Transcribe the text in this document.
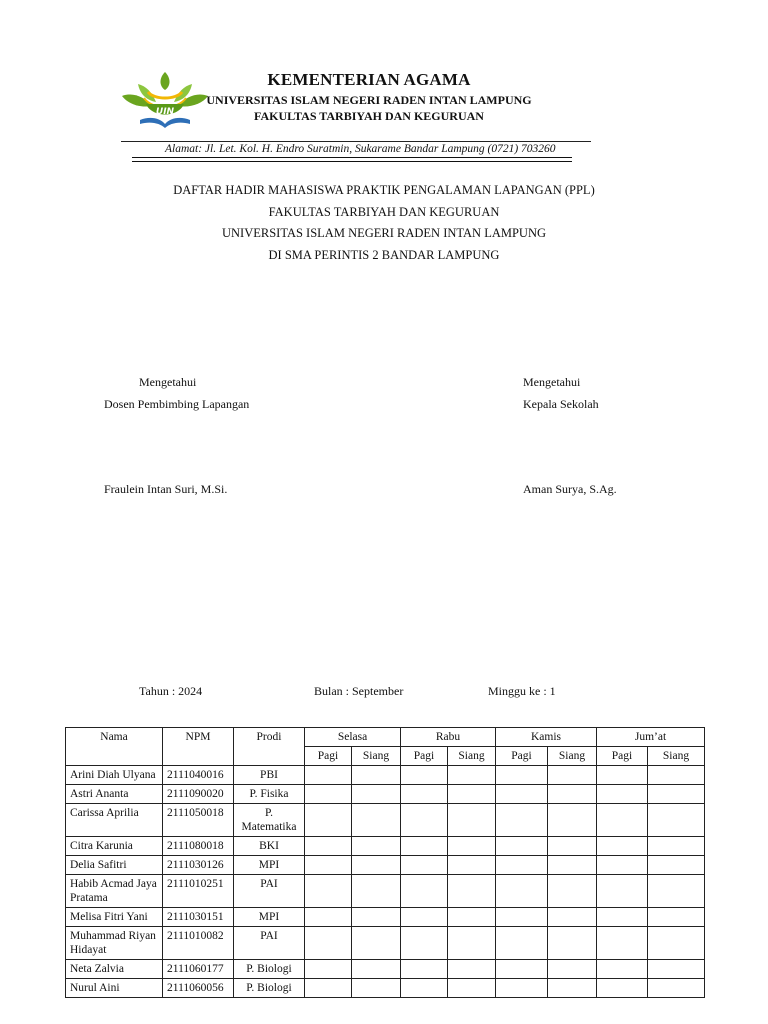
UIN
KEMENTERIAN AGAMA
UNIVERSITAS ISLAM NEGERI RADEN INTAN LAMPUNG
FAKULTAS TARBIYAH DAN KEGURUAN
Alamat: Jl. Let. Kol. H. Endro Suratmin, Sukarame Bandar Lampung (0721) 703260
DAFTAR HADIR MAHASISWA PRAKTIK PENGALAMAN LAPANGAN (PPL)
FAKULTAS TARBIYAH DAN KEGURUAN
UNIVERSITAS ISLAM NEGERI RADEN INTAN LAMPUNG
DI SMA PERINTIS 2 BANDAR LAMPUNG
Mengetahui
Dosen Pembimbing Lapangan
Fraulein Intan Suri, M.Si.
Mengetahui
Kepala Sekolah
Aman Surya, S.Ag.
Tahun : 2024	Bulan : September	Minggu ke : 1
Nama	NPM	Prodi	Selasa		Rabu		Kamis		Jum’at	
			Pagi	Siang	Pagi	Siang	Pagi	Siang	Pagi	Siang
Arini Diah Ulyana	2111040016	PBI								
Astri Ananta	2111090020	P. Fisika								
Carissa Aprilia	2111050018	P. Matematika								
Citra Karunia	2111080018	BKI								
Delia Safitri	2111030126	MPI								
Habib Acmad Jaya Pratama	2111010251	PAI								
Melisa Fitri Yani	2111030151	MPI								
Muhammad Riyan Hidayat	2111010082	PAI								
Neta Zalvia	2111060177	P. Biologi								
Nurul Aini	2111060056	P. Biologi								
